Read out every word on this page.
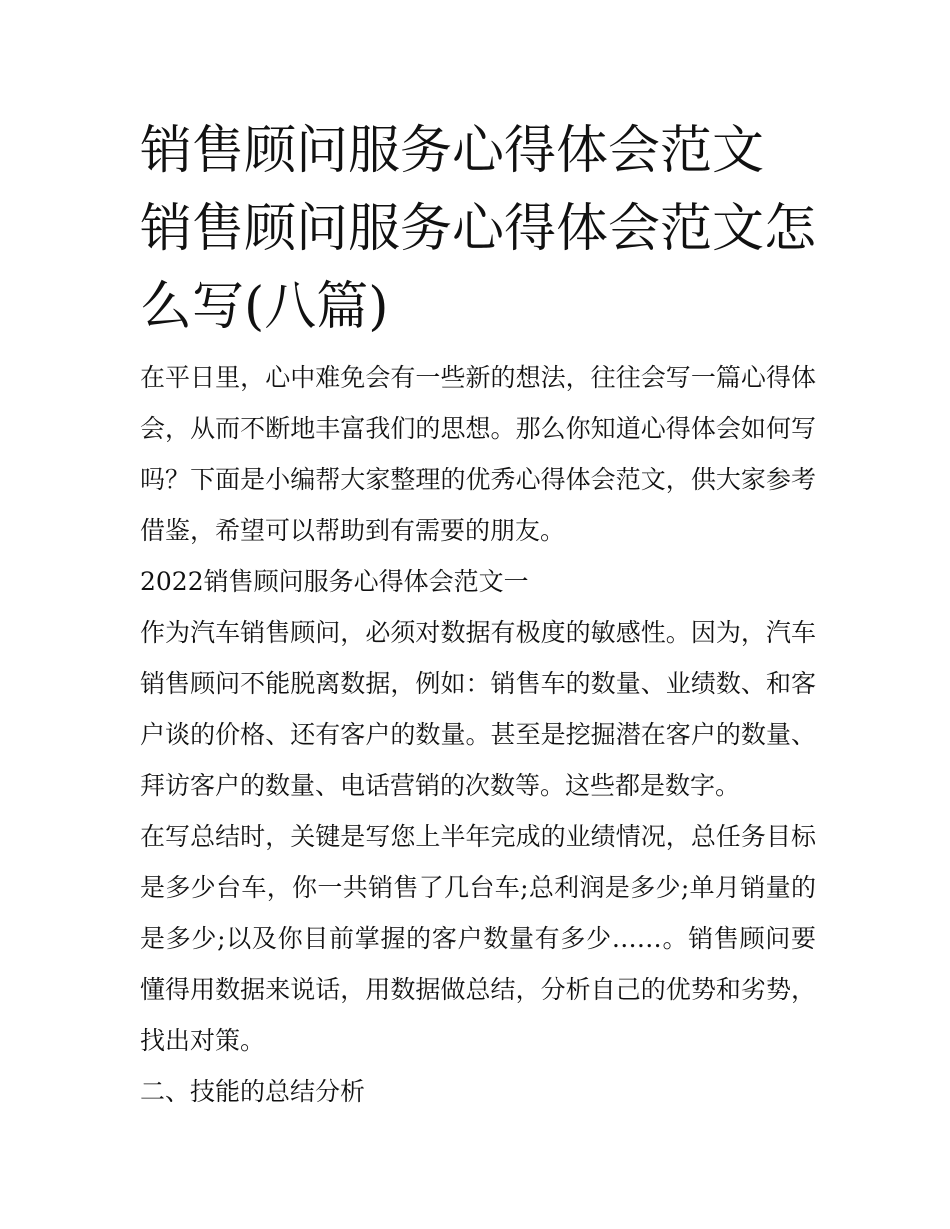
销售顾问服务心得体会范文 销售顾问服务心得体会范文怎么写(八篇)

在平日里，心中难免会有一些新的想法，往往会写一篇心得体会，从而不断地丰富我们的思想。那么你知道心得体会如何写吗？下面是小编帮大家整理的优秀心得体会范文，供大家参考借鉴，希望可以帮助到有需要的朋友。

2022销售顾问服务心得体会范文一

作为汽车销售顾问，必须对数据有极度的敏感性。因为，汽车销售顾问不能脱离数据，例如：销售车的数量、业绩数、和客户谈的价格、还有客户的数量。甚至是挖掘潜在客户的数量、拜访客户的数量、电话营销的次数等。这些都是数字。

在写总结时，关键是写您上半年完成的业绩情况，总任务目标是多少台车，你一共销售了几台车;总利润是多少;单月销量的是多少;以及你目前掌握的客户数量有多少……。销售顾问要懂得用数据来说话，用数据做总结，分析自己的优势和劣势，找出对策。

二、技能的总结分析
